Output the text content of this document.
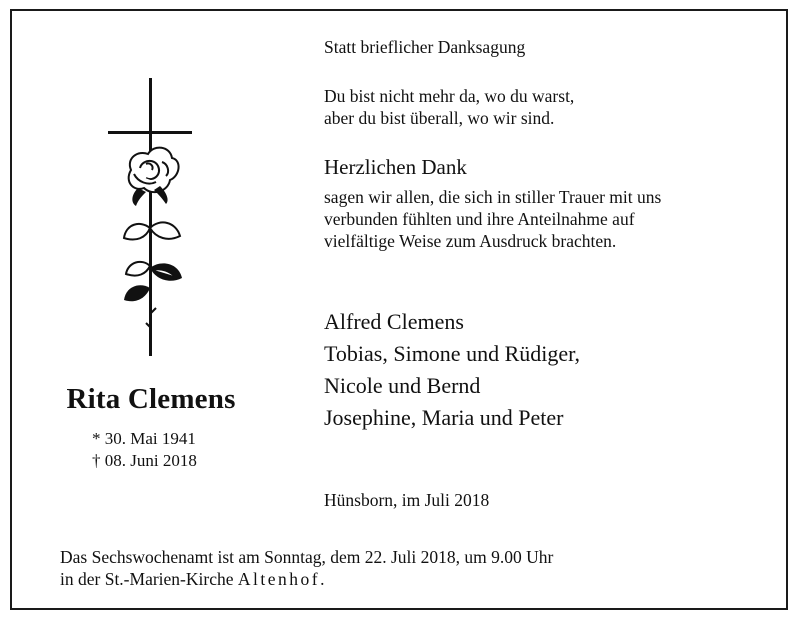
Rita Clemens
* 30. Mai 1941
† 08. Juni 2018
Statt brieflicher Danksagung
Du bist nicht mehr da, wo du warst,
aber du bist überall, wo wir sind.
Herzlichen Dank
sagen wir allen, die sich in stiller Trauer mit uns
verbunden fühlten und ihre Anteilnahme auf
vielfältige Weise zum Ausdruck brachten.
Alfred Clemens
Tobias, Simone und Rüdiger,
Nicole und Bernd
Josephine, Maria und Peter
Hünsborn, im Juli 2018
Das Sechswochenamt ist am Sonntag, dem 22. Juli 2018, um 9.00 Uhr
in der St.-Marien-Kirche Altenhof.
